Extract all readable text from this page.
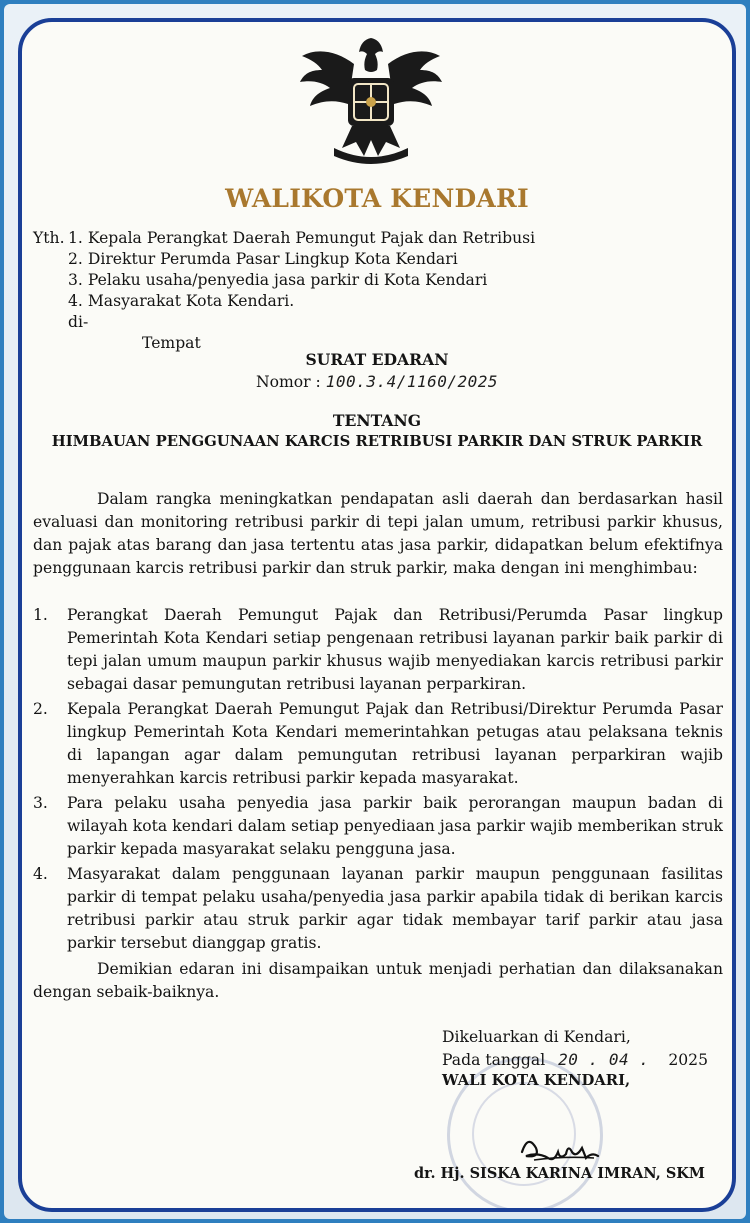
WALIKOTA KENDARI
Yth. 1. Kepala Perangkat Daerah Pemungut Pajak dan Retribusi
2. Direktur Perumda Pasar Lingkup Kota Kendari
3. Pelaku usaha/penyedia jasa parkir di Kota Kendari
4. Masyarakat Kota Kendari.
di-
Tempat
SURAT EDARAN
Nomor : 100.3.4/1160/2025
TENTANG
HIMBAUAN PENGGUNAAN KARCIS RETRIBUSI PARKIR DAN STRUK PARKIR
Dalam rangka meningkatkan pendapatan asli daerah dan berdasarkan hasil evaluasi dan monitoring retribusi parkir di tepi jalan umum, retribusi parkir khusus, dan pajak atas barang dan jasa tertentu atas jasa parkir, didapatkan belum efektifnya penggunaan karcis retribusi parkir dan struk parkir, maka dengan ini menghimbau:
1. Perangkat Daerah Pemungut Pajak dan Retribusi/Perumda Pasar lingkup Pemerintah Kota Kendari setiap pengenaan retribusi layanan parkir baik parkir di tepi jalan umum maupun parkir khusus wajib menyediakan karcis retribusi parkir sebagai dasar pemungutan retribusi layanan perparkiran.
2. Kepala Perangkat Daerah Pemungut Pajak dan Retribusi/Direktur Perumda Pasar lingkup Pemerintah Kota Kendari memerintahkan petugas atau pelaksana teknis di lapangan agar dalam pemungutan retribusi layanan perparkiran wajib menyerahkan karcis retribusi parkir kepada masyarakat.
3. Para pelaku usaha penyedia jasa parkir baik perorangan maupun badan di wilayah kota kendari dalam setiap penyediaan jasa parkir wajib memberikan struk parkir kepada masyarakat selaku pengguna jasa.
4. Masyarakat dalam penggunaan layanan parkir maupun penggunaan fasilitas parkir di tempat pelaku usaha/penyedia jasa parkir apabila tidak di berikan karcis retribusi parkir atau struk parkir agar tidak membayar tarif parkir atau jasa parkir tersebut dianggap gratis.
Demikian edaran ini disampaikan untuk menjadi perhatian dan dilaksanakan dengan sebaik-baiknya.
Dikeluarkan di Kendari,
Pada tanggal 20 . 04 . 2025
WALI KOTA KENDARI,
dr. Hj. SISKA KARINA IMRAN, SKM
